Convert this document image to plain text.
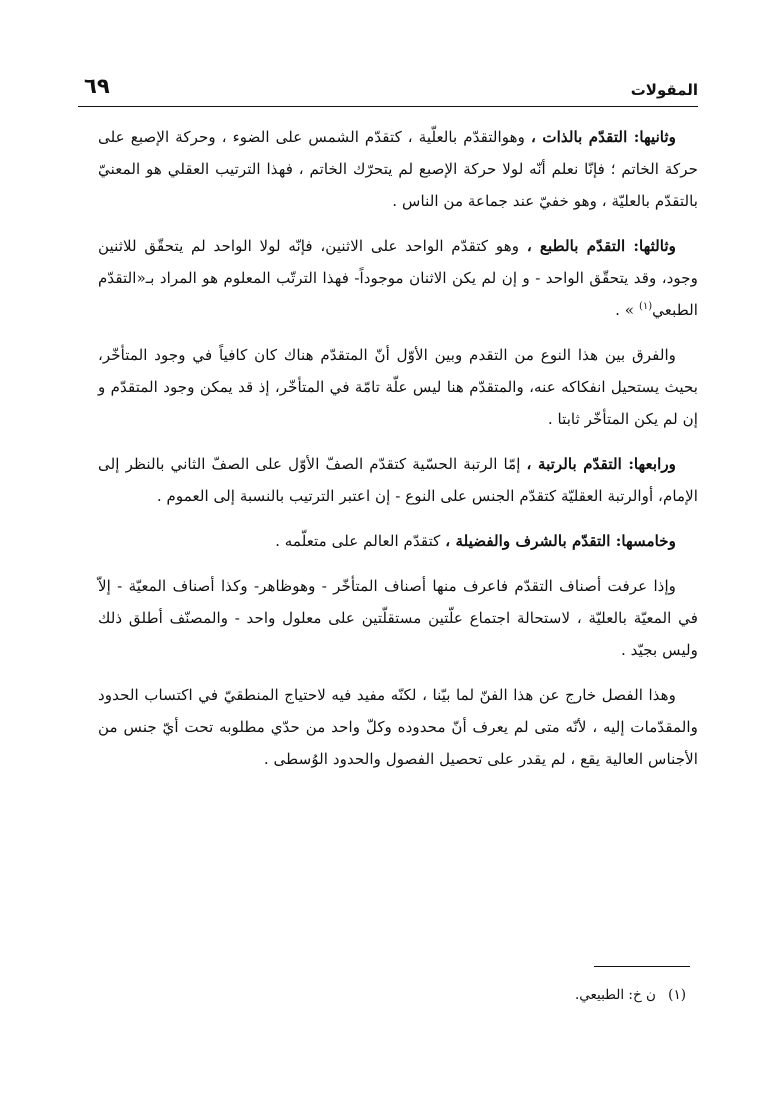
المقولات
٦٩

وثانيها: التقدّم بالذات ، وهوالتقدّم بالعلّية ، كتقدّم الشمس على الضوء ، وحركة الإصبع على حركة الخاتم ؛ فإنّا نعلم أنّه لولا حركة الإصبع لم يتحرّك الخاتم ، فهذا الترتيب العقلي هو المعنيّ بالتقدّم بالعليّة ، وهو خفيّ عند جماعة من الناس .

وثالثها: التقدّم بالطبع ، وهو كتقدّم الواحد على الاثنين، فإنّه لولا الواحد لم يتحقّق للاثنين وجود، وقد يتحقّق الواحد - و إن لم يكن الاثنان موجوداً- فهذا الترتّب المعلوم هو المراد بـ«التقدّم الطبعي$^{(١)}$ » .

والفرق بين هذا النوع من التقدم وبين الأوّل أنّ المتقدّم هناك كان كافياً في وجود المتأخّر، بحيث يستحيل انفكاكه عنه، والمتقدّم هنا ليس علّة تامّة في المتأخّر، إذ قد يمكن وجود المتقدّم و إن لم يكن المتأخّر ثابتا .

ورابعها: التقدّم بالرتبة ، إمّا الرتبة الحسّية كتقدّم الصفّ الأوّل على الصفّ الثاني بالنظر إلى الإمام، أوالرتبة العقليّة كتقدّم الجنس على النوع - إن اعتبر الترتيب بالنسبة إلى العموم .

وخامسها: التقدّم بالشرف والفضيلة ، كتقدّم العالم على متعلّمه .

وإذا عرفت أصناف التقدّم فاعرف منها أصناف المتأخّر - وهوظاهر- وكذا أصناف المعيّة - إلاّ في المعيّة بالعليّة ، لاستحالة اجتماع علّتين مستقلّتين على معلول واحد - والمصنّف أطلق ذلك وليس بجيّد .

وهذا الفصل خارج عن هذا الفنّ لما بيّنا ، لكنّه مفيد فيه لاحتياج المنطقيّ في اكتساب الحدود والمقدّمات إليه ، لأنّه متى لم يعرف أنّ محدوده وكلّ واحد من حدّي مطلوبه تحت أيّ جنس من الأجناس العالية يقع ، لم يقدر على تحصيل الفصول والحدود الوُسطى .

(١) ن خ: الطبيعي.
